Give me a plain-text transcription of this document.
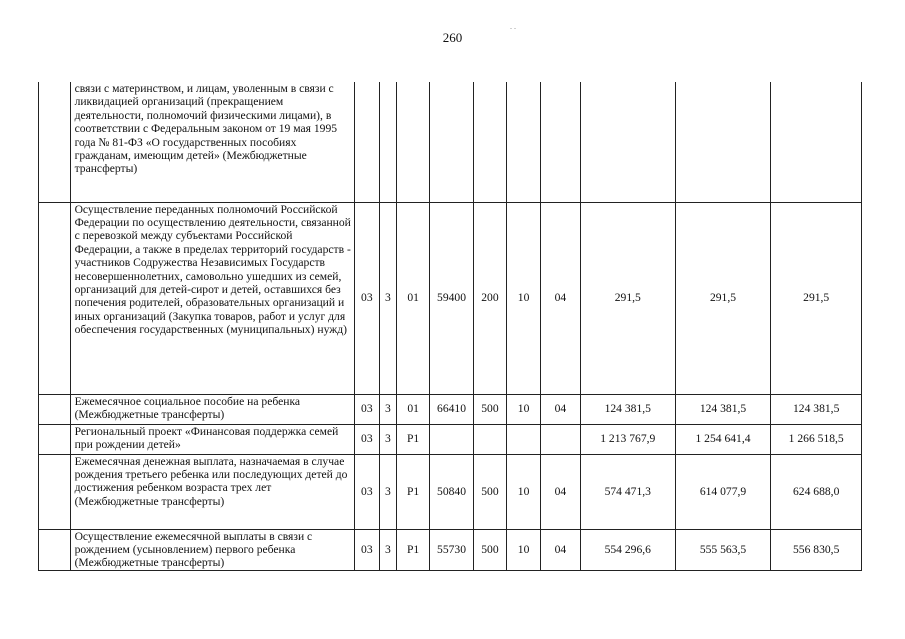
260
. .
	связи с материнством, и лицам, уволенным в связи с ликвидацией организаций (прекращением деятельности, полномочий физическими лицами), в соответствии с Федеральным законом от 19 мая 1995 года № 81-ФЗ «О государственных пособиях гражданам, имеющим детей» (Межбюджетные трансферты)										
	Осуществление переданных полномочий Российской Федерации по осуществлению деятельности, связанной с перевозкой между субъектами Российской Федерации, а также в пределах территорий государств - участников Содружества Независимых Государств несовершеннолетних, самовольно ушедших из семей, организаций для детей-сирот и детей, оставшихся без попечения родителей, образовательных организаций и иных организаций (Закупка товаров, работ и услуг для обеспечения государственных (муниципальных) нужд)	03	3	01	59400	200	10	04	291,5	291,5	291,5
	Ежемесячное социальное пособие на ребенка (Межбюджетные трансферты)	03	3	01	66410	500	10	04	124 381,5	124 381,5	124 381,5
	Региональный проект «Финансовая поддержка семей при рождении детей»	03	3	P1					1 213 767,9	1 254 641,4	1 266 518,5
	Ежемесячная денежная выплата, назначаемая в случае рождения третьего ребенка или последующих детей до достижения ребенком возраста трех лет (Межбюджетные трансферты)	03	3	P1	50840	500	10	04	574 471,3	614 077,9	624 688,0
	Осуществление ежемесячной выплаты в связи с рождением (усыновлением) первого ребенка (Межбюджетные трансферты)	03	3	P1	55730	500	10	04	554 296,6	555 563,5	556 830,5
